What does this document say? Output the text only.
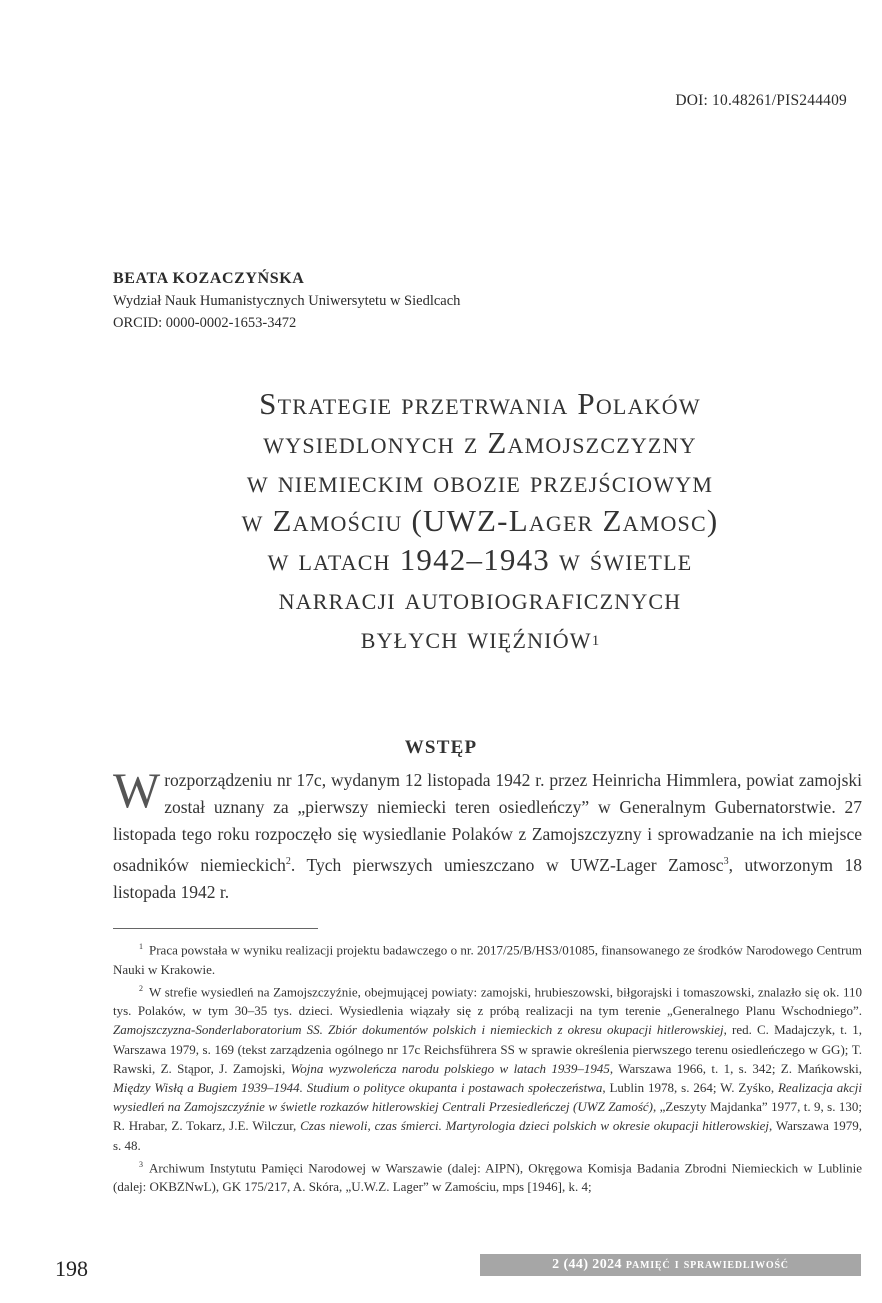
DOI: 10.48261/PIS244409
BEATA KOZACZYŃSKA
Wydział Nauk Humanistycznych Uniwersytetu w Siedlcach
ORCID: 0000-0002-1653-3472
Strategie przetrwania Polaków
wysiedlonych z Zamojszczyzny
w niemieckim obozie przejściowym
w Zamościu (UWZ-Lager Zamosc)
w latach 1942–1943 w świetle
narracji autobiograficznych
byłych więźniów$^1$
WSTĘP
W rozporządzeniu nr 17c, wydanym 12 listopada 1942 r. przez Heinricha Himmlera, powiat zamojski został uznany za „pierwszy niemiecki teren osiedleńczy” w Generalnym Gubernatorstwie. 27 listopada tego roku rozpoczęło się wysiedlanie Polaków z Zamojszczyzny i sprowadzanie na ich miejsce osadników niemieckich$^2$. Tych pierwszych umieszczano w UWZ-Lager Zamosc$^3$, utworzonym 18 listopada 1942 r.

$^1$ Praca powstała w wyniku realizacji projektu badawczego o nr. 2017/25/B/HS3/01085, finansowanego ze środków Narodowego Centrum Nauki w Krakowie.

$^2$ W strefie wysiedleń na Zamojszczyźnie, obejmującej powiaty: zamojski, hrubieszowski, biłgorajski i tomaszowski, znalazło się ok. 110 tys. Polaków, w tym 30–35 tys. dzieci. Wysiedlenia wiązały się z próbą realizacji na tym terenie „Generalnego Planu Wschodniego”. Zamojszczyzna-Sonderlaboratorium SS. Zbiór dokumentów polskich i niemieckich z okresu okupacji hitlerowskiej, red. C. Madajczyk, t. 1, Warszawa 1979, s. 169 (tekst zarządzenia ogólnego nr 17c Reichsführera SS w sprawie określenia pierwszego terenu osiedleńczego w GG); T. Rawski, Z. Stąpor, J. Zamojski, Wojna wyzwoleńcza narodu polskiego w latach 1939–1945, Warszawa 1966, t. 1, s. 342; Z. Mańkowski, Między Wisłą a Bugiem 1939–1944. Studium o polityce okupanta i postawach społeczeństwa, Lublin 1978, s. 264; W. Zyśko, Realizacja akcji wysiedleń na Zamojszczyźnie w świetle rozkazów hitlerowskiej Centrali Przesiedleńczej (UWZ Zamość), „Zeszyty Majdanka” 1977, t. 9, s. 130; R. Hrabar, Z. Tokarz, J.E. Wilczur, Czas niewoli, czas śmierci. Martyrologia dzieci polskich w okresie okupacji hitlerowskiej, Warszawa 1979, s. 48.

$^3$ Archiwum Instytutu Pamięci Narodowej w Warszawie (dalej: AIPN), Okręgowa Komisja Badania Zbrodni Niemieckich w Lublinie (dalej: OKBZNwL), GK 175/217, A. Skóra, „U.W.Z. Lager” w Zamościu, mps [1946], k. 4;

198	2 (44) 2024 pamięć i sprawiedliwość
